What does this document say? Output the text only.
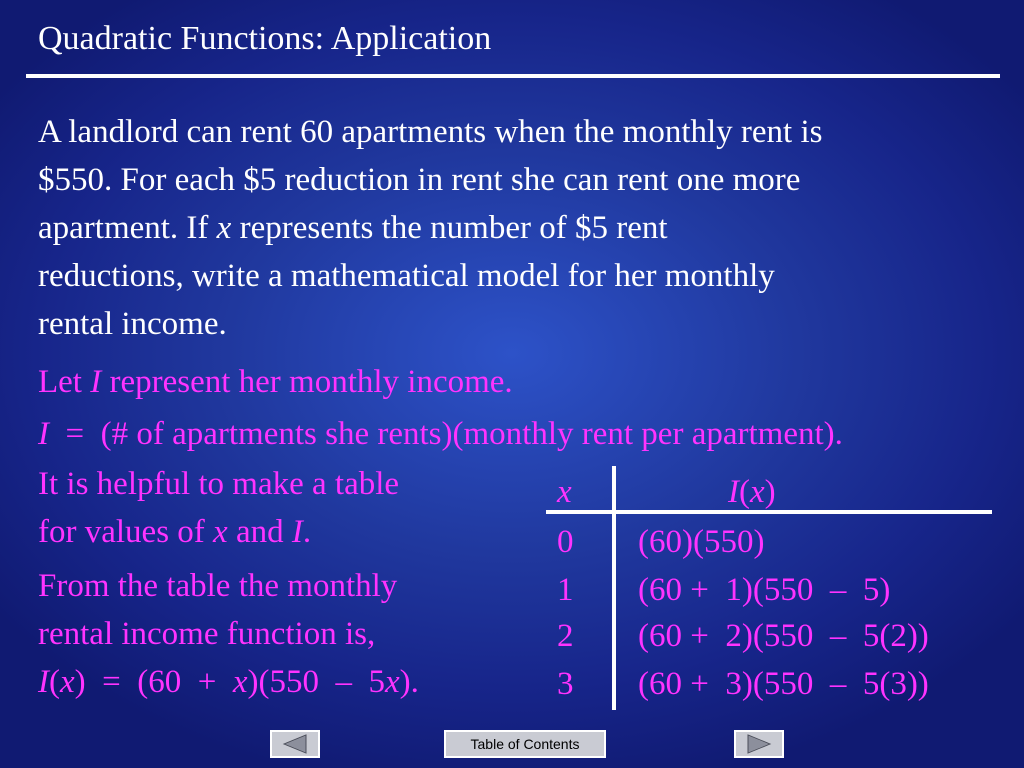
Quadratic Functions: Application
A landlord can rent 60 apartments when the monthly rent is
$550. For each $5 reduction in rent she can rent one more
apartment. If x represents the number of $5 rent
reductions, write a mathematical model for her monthly
rental income.
Let I represent her monthly income.
I  =  (# of apartments she rents)(monthly rent per apartment).
It is helpful to make a table
for values of x and I.
From the table the monthly
rental income function is,
I(x)  =  (60  +  x)(550  –  5x).
x	I(x)
0 (60)(550)
1 (60 +  1)(550  –  5)
2 (60 +  2)(550  –  5(2))
3 (60 +  3)(550  –  5(3))
Table of Contents
